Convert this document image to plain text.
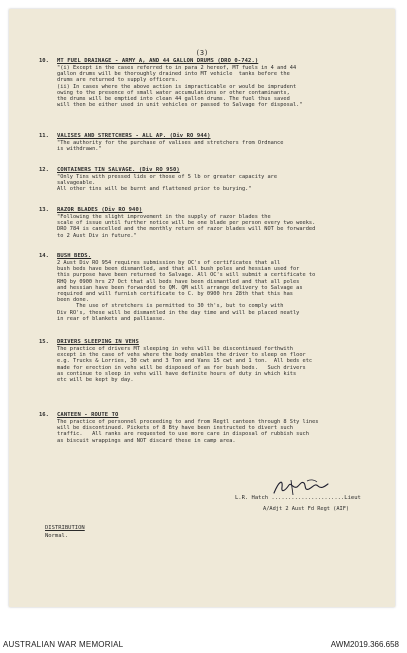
(3)
10. MT FUEL DRAINAGE - ARMY A, AND 44 GALLON DRUMS (DRO 0-742.)

"(i) Except in the cases referred to in para 2 hereof, MT fuels in 4 and 44
gallon drums will be thoroughly drained into MT vehicle  tanks before the
drums are returned to supply officers.
(ii) In cases where the above action is impracticable or would be imprudent
owing to the presence of small water accumulations or other contaminants,
the drums will be emptied into clean 44 gallon drums. The fuel thus saved
will then be either used in unit vehicles or passed to Salvage for disposal."

11. VALISES AND STRETCHERS - ALL AP. (Div RO 944)

"The authority for the purchase of valises and stretchers from Ordnance
is withdrawn."

12. CONTAINERS TIN SALVAGE. (Div RO 950)

"Only Tins with pressed lids or those of 5 lb or greater capacity are
salvageable.
All other tins will be burnt and flattened prior to burying."

13. RAZOR BLADES (Div RO 940)

"Following the slight improvement in the supply of razor blades the
scale of issue until further notice will be one blade per person every two weeks.
DRO 784 is cancelled and the monthly return of razor blades will NOT be forwarded
to 2 Aust Div in future."

14. BUSH BEDS.

2 Aust Div RO 954 requires submission by OC's of certificates that all
bush beds have been dismantled, and that all bush poles and hessian used for
this purpose have been returned to Salvage. All OC's will submit a certificate to
RHQ by 0900 hrs 27 Oct that all beds have been dismantled and that all poles
and hessian have been forwarded to QM. QM will arrange delivery to Salvage as
required and will furnish certificate to C. by 0900 hrs 28th that this has
been done.
The use of stretchers is permitted to 30 th's, but to comply with
Div RO's, these will be dismantled in the day time and will be placed neatly
in rear of blankets and palliasse.

15. DRIVERS SLEEPING IN VEHS

The practice of drivers MT sleeping in vehs will be discontinued forthwith
except in the case of vehs where the body enables the driver to sleep on floor
e.g. Trucks & Lorries, 30 cwt and 3 Ton and Vans 15 cwt and 1 ton.  All beds etc
made for erection in vehs will be disposed of as for bush beds.   Such drivers
as continue to sleep in vehs will have definite hours of duty in which kits
etc will be kept by day.

16. CANTEEN - ROUTE TO

The practice of personnel proceeding to and from Regtl canteen through 8 Sty lines
will be discontinued. Pickets of 8 Bty have been instructed to divert such
traffic.   All ranks are requested to use more care in disposal of rubbish such
as biscuit wrappings and NOT discard these in camp area.

L.R. Hatch ......................Lieut
A/Adjt 2 Aust Fd Regt (AIF)
DISTRIBUTION
Normal.
AUSTRALIAN WAR MEMORIAL	AWM2019.366.658
